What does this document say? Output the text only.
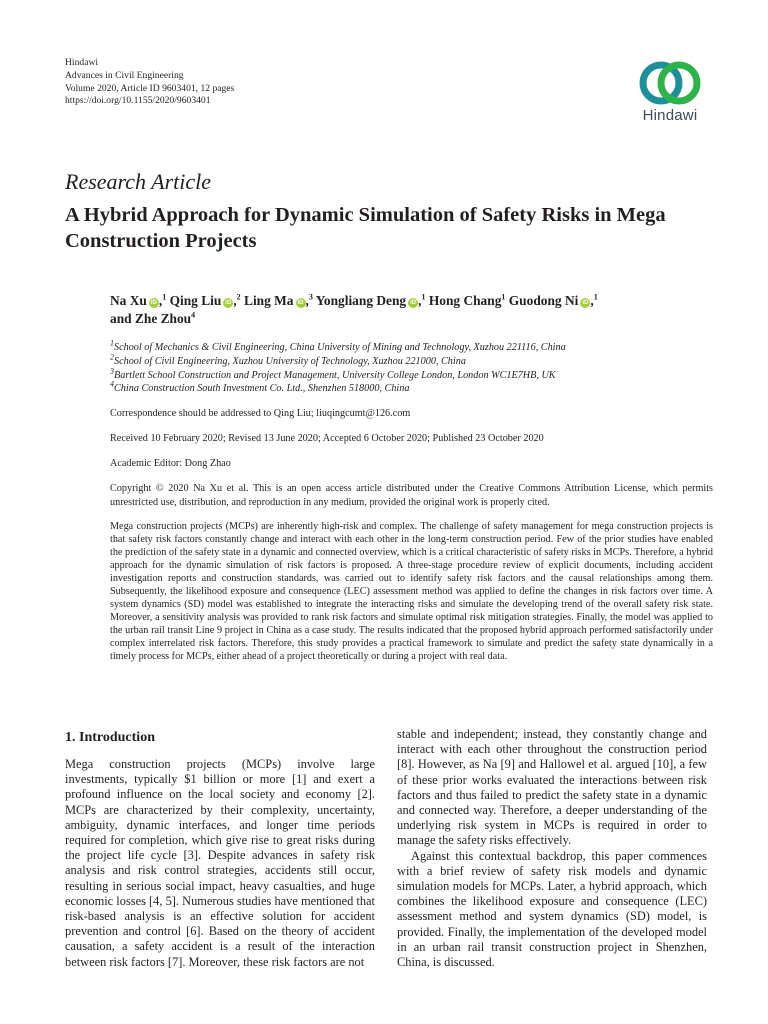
Hindawi
Advances in Civil Engineering
Volume 2020, Article ID 9603401, 12 pages
https://doi.org/10.1155/2020/9603401
Hindawi
Research Article
A Hybrid Approach for Dynamic Simulation of Safety Risks in Mega Construction Projects
Na Xu iD ,$^1$ Qing Liu iD ,$^2$ Ling Ma iD ,$^3$ Yongliang Deng iD ,$^1$ Hong Chang$^1$ Guodong Ni iD ,$^1$
and Zhe Zhou$^4$
$^1$School of Mechanics & Civil Engineering, China University of Mining and Technology, Xuzhou 221116, China
$^2$School of Civil Engineering, Xuzhou University of Technology, Xuzhou 221000, China
$^3$Bartlett School Construction and Project Management, University College London, London WC1E7HB, UK
$^4$China Construction South Investment Co. Ltd., Shenzhen 518000, China
Correspondence should be addressed to Qing Liu; liuqingcumt@126.com
Received 10 February 2020; Revised 13 June 2020; Accepted 6 October 2020; Published 23 October 2020
Academic Editor: Dong Zhao
Copyright © 2020 Na Xu et al. This is an open access article distributed under the Creative Commons Attribution License, which permits unrestricted use, distribution, and reproduction in any medium, provided the original work is properly cited.

Mega construction projects (MCPs) are inherently high-risk and complex. The challenge of safety management for mega construction projects is that safety risk factors constantly change and interact with each other in the long-term construction period. Few of the prior studies have enabled the prediction of the safety state in a dynamic and connected overview, which is a critical characteristic of safety risks in MCPs. Therefore, a hybrid approach for the dynamic simulation of risk factors is proposed. A three-stage procedure review of explicit documents, including accident investigation reports and construction standards, was carried out to identify safety risk factors and the causal relationships among them. Subsequently, the likelihood exposure and consequence (LEC) assessment method was applied to define the changes in risk factors over time. A system dynamics (SD) model was established to integrate the interacting risks and simulate the developing trend of the overall safety risk state. Moreover, a sensitivity analysis was provided to rank risk factors and simulate optimal risk mitigation strategies. Finally, the model was applied to the urban rail transit Line 9 project in China as a case study. The results indicated that the proposed hybrid approach performed satisfactorily under complex interrelated risk factors. Therefore, this study provides a practical framework to simulate and predict the safety state dynamically in a timely process for MCPs, either ahead of a project theoretically or during a project with real data.

1. Introduction

Mega construction projects (MCPs) involve large investments, typically $1 billion or more [1] and exert a profound influence on the local society and economy [2]. MCPs are characterized by their complexity, uncertainty, ambiguity, dynamic interfaces, and longer time periods required for completion, which give rise to great risks during the project life cycle [3]. Despite advances in safety risk analysis and risk control strategies, accidents still occur, resulting in serious social impact, heavy casualties, and huge economic losses [4, 5]. Numerous studies have mentioned that risk-based analysis is an effective solution for accident prevention and control [6]. Based on the theory of accident causation, a safety accident is a result of the interaction between risk factors [7]. Moreover, these risk factors are not

stable and independent; instead, they constantly change and interact with each other throughout the construction period [8]. However, as Na [9] and Hallowel et al. argued [10], a few of these prior works evaluated the interactions between risk factors and thus failed to predict the safety state in a dynamic and connected way. Therefore, a deeper understanding of the underlying risk system in MCPs is required in order to manage the safety risks effectively.

Against this contextual backdrop, this paper commences with a brief review of safety risk models and dynamic simulation models for MCPs. Later, a hybrid approach, which combines the likelihood exposure and consequence (LEC) assessment method and system dynamics (SD) model, is provided. Finally, the implementation of the developed model in an urban rail transit construction project in Shenzhen, China, is discussed.
